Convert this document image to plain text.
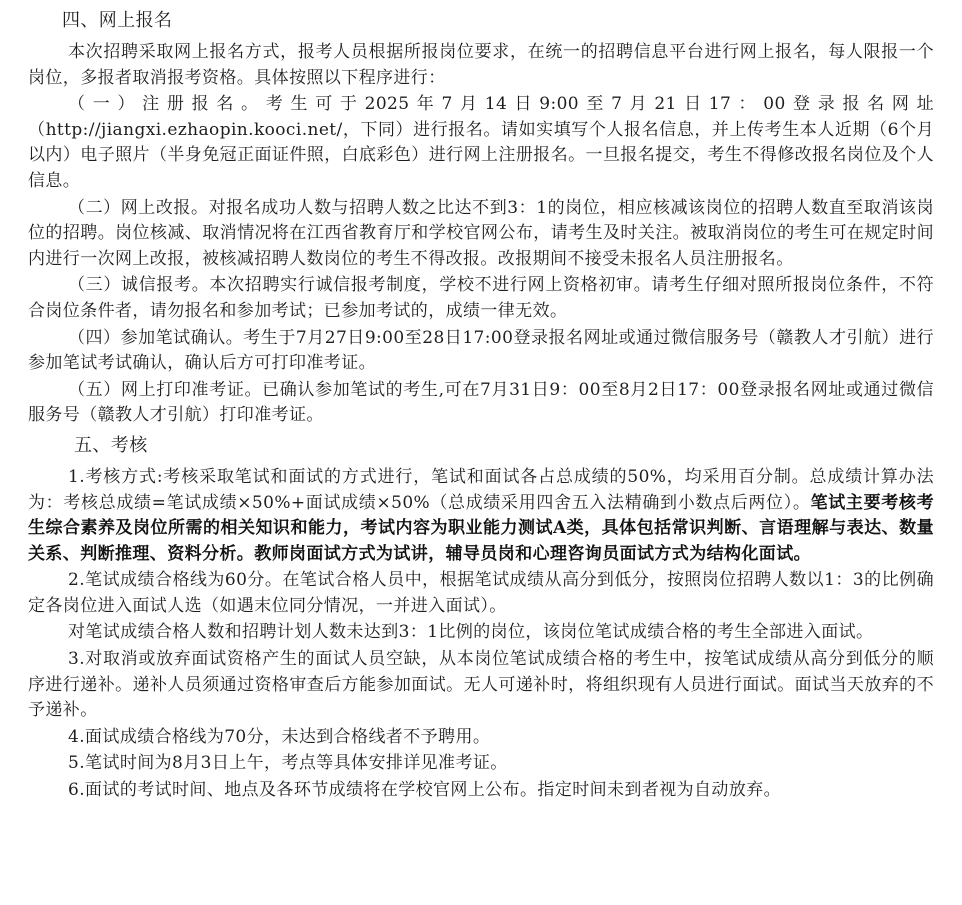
四、网上报名

本次招聘采取网上报名方式，报考人员根据所报岗位要求，在统一的招聘信息平台进行网上报名，每人限报一个岗位，多报者取消报考资格。具体按照以下程序进行：

（一）注册报名。考生可于2025年7月14日9:00至7月21日17：00登录报名网址（http://jiangxi.ezhaopin.kooci.net/，下同）进行报名。请如实填写个人报名信息，并上传考生本人近期（6个月以内）电子照片（半身免冠正面证件照，白底彩色）进行网上注册报名。一旦报名提交，考生不得修改报名岗位及个人信息。

（二）网上改报。对报名成功人数与招聘人数之比达不到3：1的岗位，相应核减该岗位的招聘人数直至取消该岗位的招聘。岗位核减、取消情况将在江西省教育厅和学校官网公布，请考生及时关注。被取消岗位的考生可在规定时间内进行一次网上改报，被核减招聘人数岗位的考生不得改报。改报期间不接受未报名人员注册报名。

（三）诚信报考。本次招聘实行诚信报考制度，学校不进行网上资格初审。请考生仔细对照所报岗位条件，不符合岗位条件者，请勿报名和参加考试；已参加考试的，成绩一律无效。

（四）参加笔试确认。考生于7月27日9:00至28日17:00登录报名网址或通过微信服务号（赣教人才引航）进行参加笔试考试确认，确认后方可打印准考证。

（五）网上打印准考证。已确认参加笔试的考生,可在7月31日9：00至8月2日17：00登录报名网址或通过微信服务号（赣教人才引航）打印准考证。

五、考核

1.考核方式:考核采取笔试和面试的方式进行，笔试和面试各占总成绩的50%，均采用百分制。总成绩计算办法为：考核总成绩=笔试成绩×50%+面试成绩×50%（总成绩采用四舍五入法精确到小数点后两位）。笔试主要考核考生综合素养及岗位所需的相关知识和能力，考试内容为职业能力测试A类，具体包括常识判断、言语理解与表达、数量关系、判断推理、资料分析。教师岗面试方式为试讲，辅导员岗和心理咨询员面试方式为结构化面试。

2.笔试成绩合格线为60分。在笔试合格人员中，根据笔试成绩从高分到低分，按照岗位招聘人数以1：3的比例确定各岗位进入面试人选（如遇末位同分情况，一并进入面试）。

对笔试成绩合格人数和招聘计划人数未达到3：1比例的岗位，该岗位笔试成绩合格的考生全部进入面试。

3.对取消或放弃面试资格产生的面试人员空缺，从本岗位笔试成绩合格的考生中，按笔试成绩从高分到低分的顺序进行递补。递补人员须通过资格审查后方能参加面试。无人可递补时，将组织现有人员进行面试。面试当天放弃的不予递补。

4.面试成绩合格线为70分，未达到合格线者不予聘用。

5.笔试时间为8月3日上午，考点等具体安排详见准考证。

6.面试的考试时间、地点及各环节成绩将在学校官网上公布。指定时间未到者视为自动放弃。
